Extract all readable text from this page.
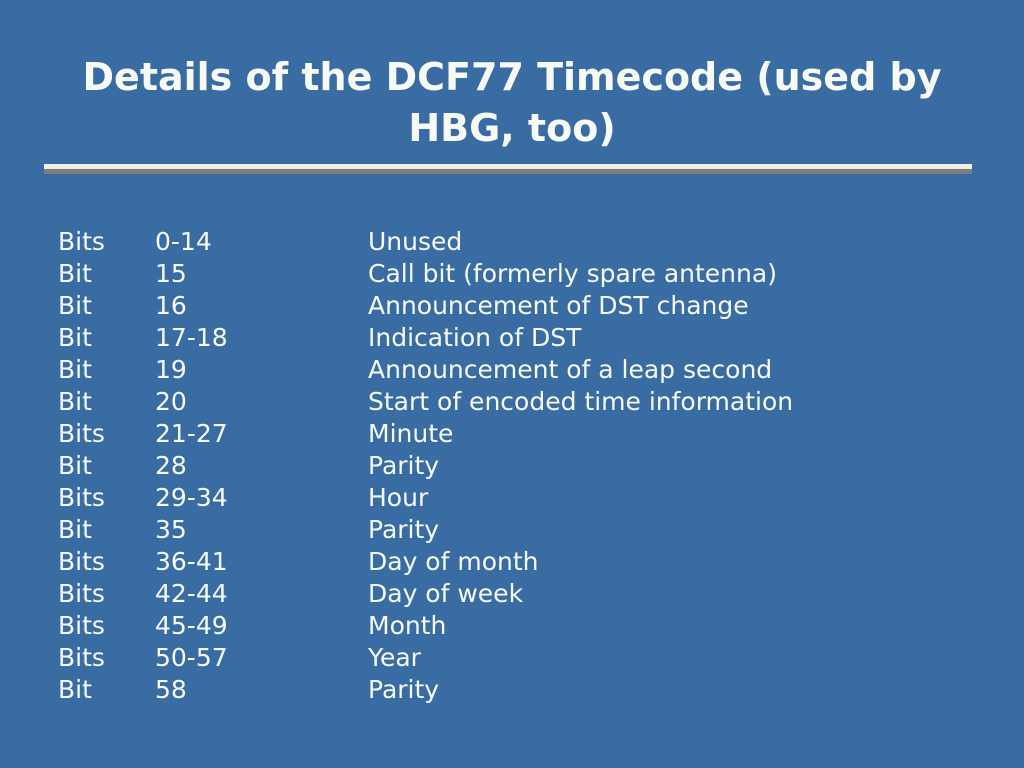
Details of the DCF77 Timecode (used by
HBG, too)
Bits	0-14	Unused
Bit	15	Call bit (formerly spare antenna)
Bit	16	Announcement of DST change
Bit	17-18	Indication of DST
Bit	19	Announcement of a leap second
Bit	20	Start of encoded time information
Bits	21-27	Minute
Bit	28	Parity
Bits	29-34	Hour
Bit	35	Parity
Bits	36-41	Day of month
Bits	42-44	Day of week
Bits	45-49	Month
Bits	50-57	Year
Bit	58	Parity
